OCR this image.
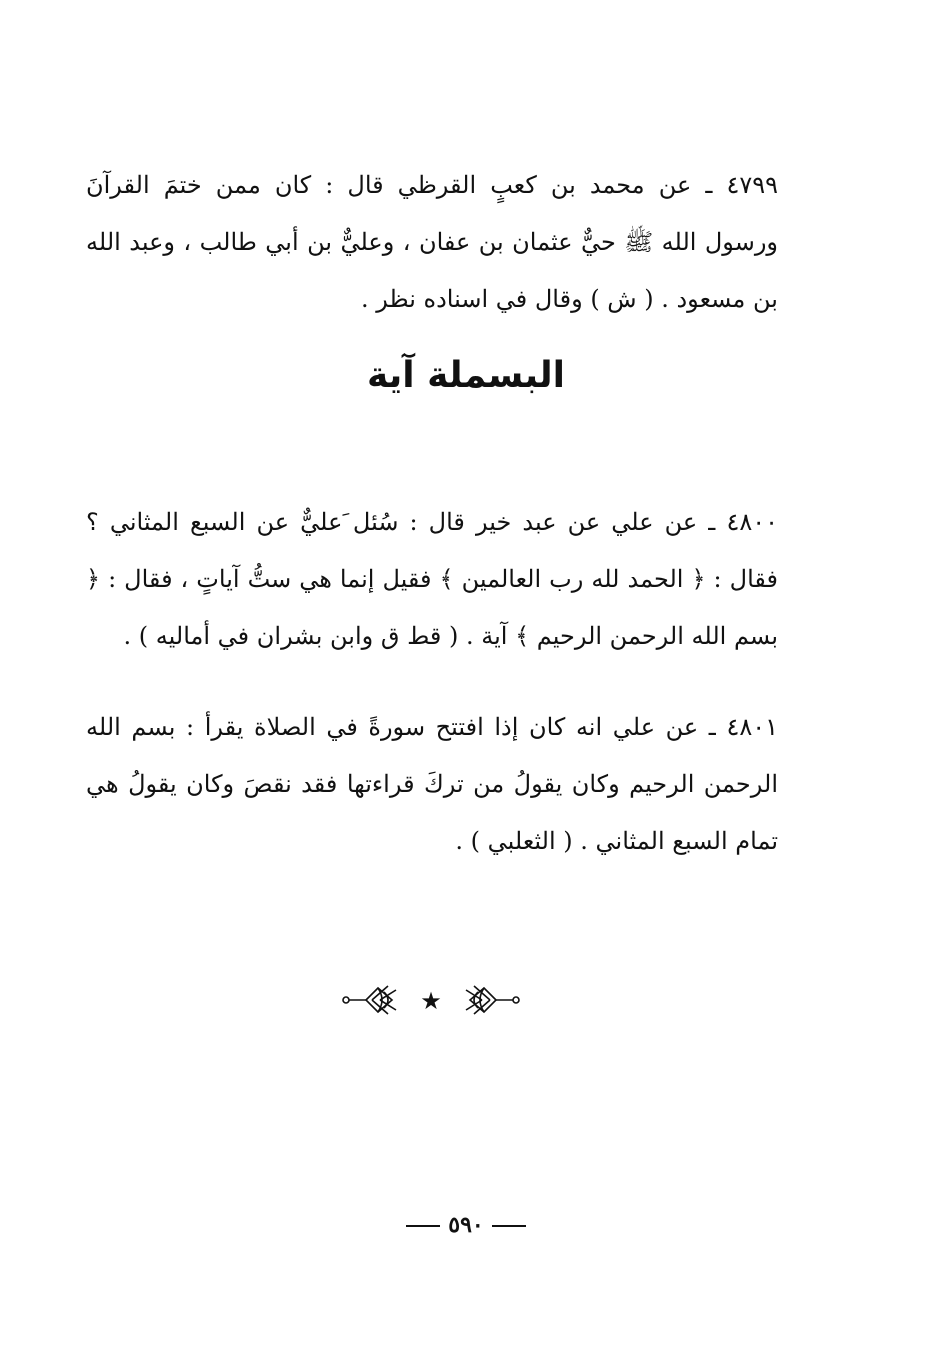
٤٧٩٩ ـ عن محمد بن كعبٍ القرظي قال : كان ممن ختمَ القرآنَ ورسول الله ﷺ حيٌّ عثمان بن عفان ، وعليٌّ بن أبي طالب ، وعبد الله بن مسعود . ( ش ) وقال في اسناده نظر .

البسملة آية

٤٨٠٠ ـ عن علي عن عبد خير قال : سُئل َعليٌّ عن السبع المثاني ؟ فقال : ﴿ الحمد لله رب العالمين ﴾ فقيل إنما هي ستُّ آياتٍ ، فقال : ﴿ بسم الله الرحمن الرحيم ﴾ آية . ( قط ق وابن بشران في أماليه ) .

٤٨٠١ ـ عن علي انه كان إذا افتتح سورةً في الصلاة يقرأ : بسم الله الرحمن الرحيم وكان يقولُ من تركَ قراءتها فقد نقصَ وكان يقولُ هي تمام السبع المثاني . ( الثعلبي ) .

★
٥٩٠
